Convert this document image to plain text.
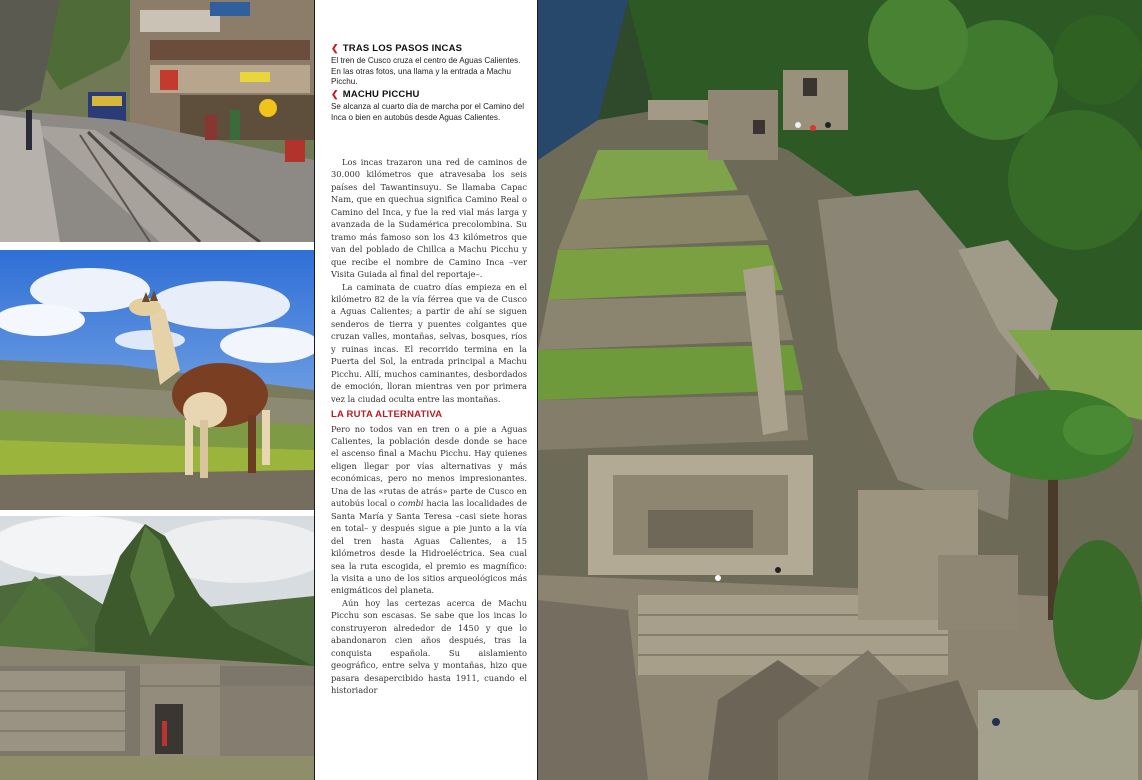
❮ TRAS LOS PASOS INCAS

El tren de Cusco cruza el centro de Aguas Calientes. En las otras fotos, una llama y la entrada a Machu Picchu.

❮ MACHU PICCHU

Se alcanza al cuarto día de marcha por el Camino del Inca o bien en autobús desde Aguas Calientes.

Los incas trazaron una red de caminos de 30.000 kilómetros que atravesaba los seis países del Tawantinsuyu. Se llamaba Capac Nam, que en quechua significa Camino Real o Camino del Inca, y fue la red vial más larga y avanzada de la Sudamérica precolombina. Su tramo más famoso son los 43 kilómetros que van del poblado de Chillca a Machu Picchu y que recibe el nombre de Camino Inca –ver Visita Guiada al final del reportaje–.

La caminata de cuatro días empieza en el kilómetro 82 de la vía férrea que va de Cusco a Aguas Calientes; a partir de ahí se siguen senderos de tierra y puentes colgantes que cruzan valles, montañas, selvas, bosques, ríos y ruinas incas. El recorrido termina en la Puerta del Sol, la entrada principal a Machu Picchu. Allí, muchos caminantes, desbordados de emoción, lloran mientras ven por primera vez la ciudad oculta entre las montañas.

LA RUTA ALTERNATIVA

Pero no todos van en tren o a pie a Aguas Calientes, la población desde donde se hace el ascenso final a Machu Picchu. Hay quienes eligen llegar por vías alternativas y más económicas, pero no menos impresionantes. Una de las «rutas de atrás» parte de Cusco en autobús local o combi hacia las localidades de Santa María y Santa Teresa –casi siete horas en total– y después sigue a pie junto a la vía del tren hasta Aguas Calientes, a 15 kilómetros desde la Hidroeléctrica. Sea cual sea la ruta escogida, el premio es magnífico: la visita a uno de los sitios arqueológicos más enigmáticos del planeta.

Aún hoy las certezas acerca de Machu Picchu son escasas. Se sabe que los incas lo construyeron alrededor de 1450 y que lo abandonaron cien años después, tras la conquista española. Su aislamiento geográfico, entre selva y montañas, hizo que pasara desapercibido hasta 1911, cuando el historiador
